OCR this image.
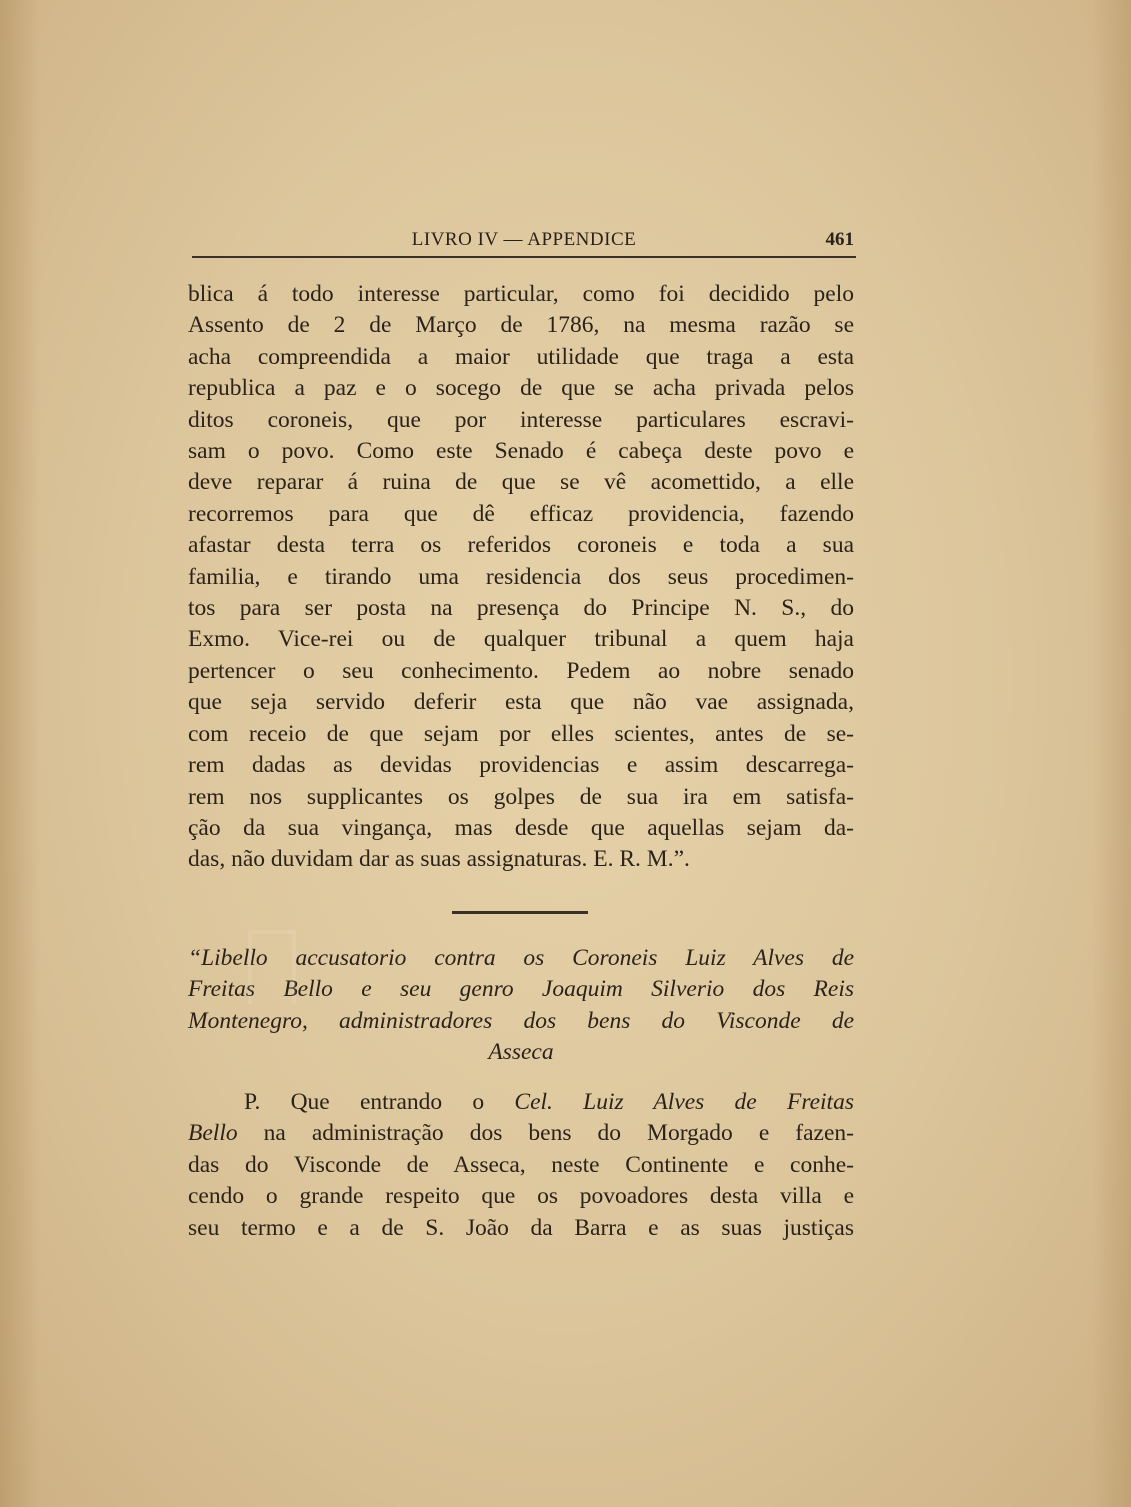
LIVRO IV — APPENDICE	461
blica á todo interesse particular, como foi decidido pelo
Assento de 2 de Março de 1786, na mesma razão se
acha compreendida a maior utilidade que traga a esta
republica a paz e o socego de que se acha privada pelos
ditos coroneis, que por interesse particulares escravi-
sam o povo. Como este Senado é cabeça deste povo e
deve reparar á ruina de que se vê acomettido, a elle
recorremos para que dê efficaz providencia, fazendo
afastar desta terra os referidos coroneis e toda a sua
familia, e tirando uma residencia dos seus procedimen-
tos para ser posta na presença do Principe N. S., do
Exmo. Vice-rei ou de qualquer tribunal a quem haja
pertencer o seu conhecimento. Pedem ao nobre senado
que seja servido deferir esta que não vae assignada,
com receio de que sejam por elles scientes, antes de se-
rem dadas as devidas providencias e assim descarrega-
rem nos supplicantes os golpes de sua ira em satisfa-
ção da sua vingança, mas desde que aquellas sejam da-
das, não duvidam dar as suas assignaturas. E. R. M.”.
“Libello accusatorio contra os Coroneis Luiz Alves de
Freitas Bello e seu genro Joaquim Silverio dos Reis
Montenegro, administradores dos bens do Visconde de
Asseca
P. Que entrando o Cel. Luiz Alves de Freitas
Bello na administração dos bens do Morgado e fazen-
das do Visconde de Asseca, neste Continente e conhe-
cendo o grande respeito que os povoadores desta villa e
seu termo e a de S. João da Barra e as suas justiças
